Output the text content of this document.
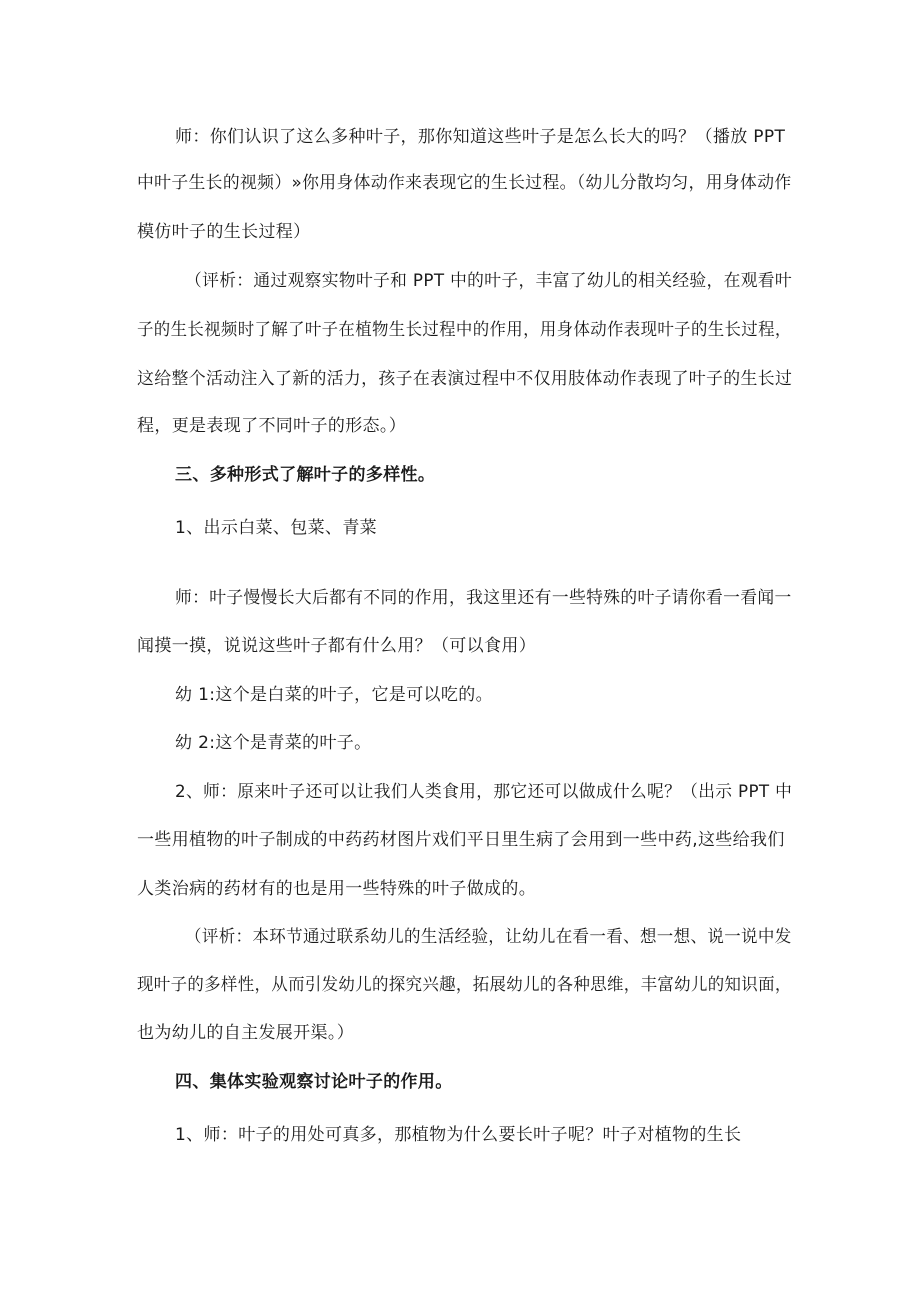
师：你们认识了这么多种叶子，那你知道这些叶子是怎么长大的吗？（播放 PPT
中叶子生长的视频）»你用身体动作来表现它的生长过程。（幼儿分散均匀，用身体动作
模仿叶子的生长过程）
（评析：通过观察实物叶子和 PPT 中的叶子，丰富了幼儿的相关经验，在观看叶
子的生长视频时了解了叶子在植物生长过程中的作用，用身体动作表现叶子的生长过程，
这给整个活动注入了新的活力，孩子在表演过程中不仅用肢体动作表现了叶子的生长过
程，更是表现了不同叶子的形态。）
三、多种形式了解叶子的多样性。
1、出示白菜、包菜、青菜
师：叶子慢慢长大后都有不同的作用，我这里还有一些特殊的叶子请你看一看闻一
闻摸一摸，说说这些叶子都有什么用？（可以食用）
幼 1:这个是白菜的叶子，它是可以吃的。
幼 2:这个是青菜的叶子。
2、师：原来叶子还可以让我们人类食用，那它还可以做成什么呢？（出示 PPT 中
一些用植物的叶子制成的中药药材图片戏们平日里生病了会用到一些中药,这些给我们
人类治病的药材有的也是用一些特殊的叶子做成的。
（评析：本环节通过联系幼儿的生活经验，让幼儿在看一看、想一想、说一说中发
现叶子的多样性，从而引发幼儿的探究兴趣，拓展幼儿的各种思维，丰富幼儿的知识面，
也为幼儿的自主发展开渠。）
四、集体实验观察讨论叶子的作用。
1、师：叶子的用处可真多，那植物为什么要长叶子呢？叶子对植物的生长
